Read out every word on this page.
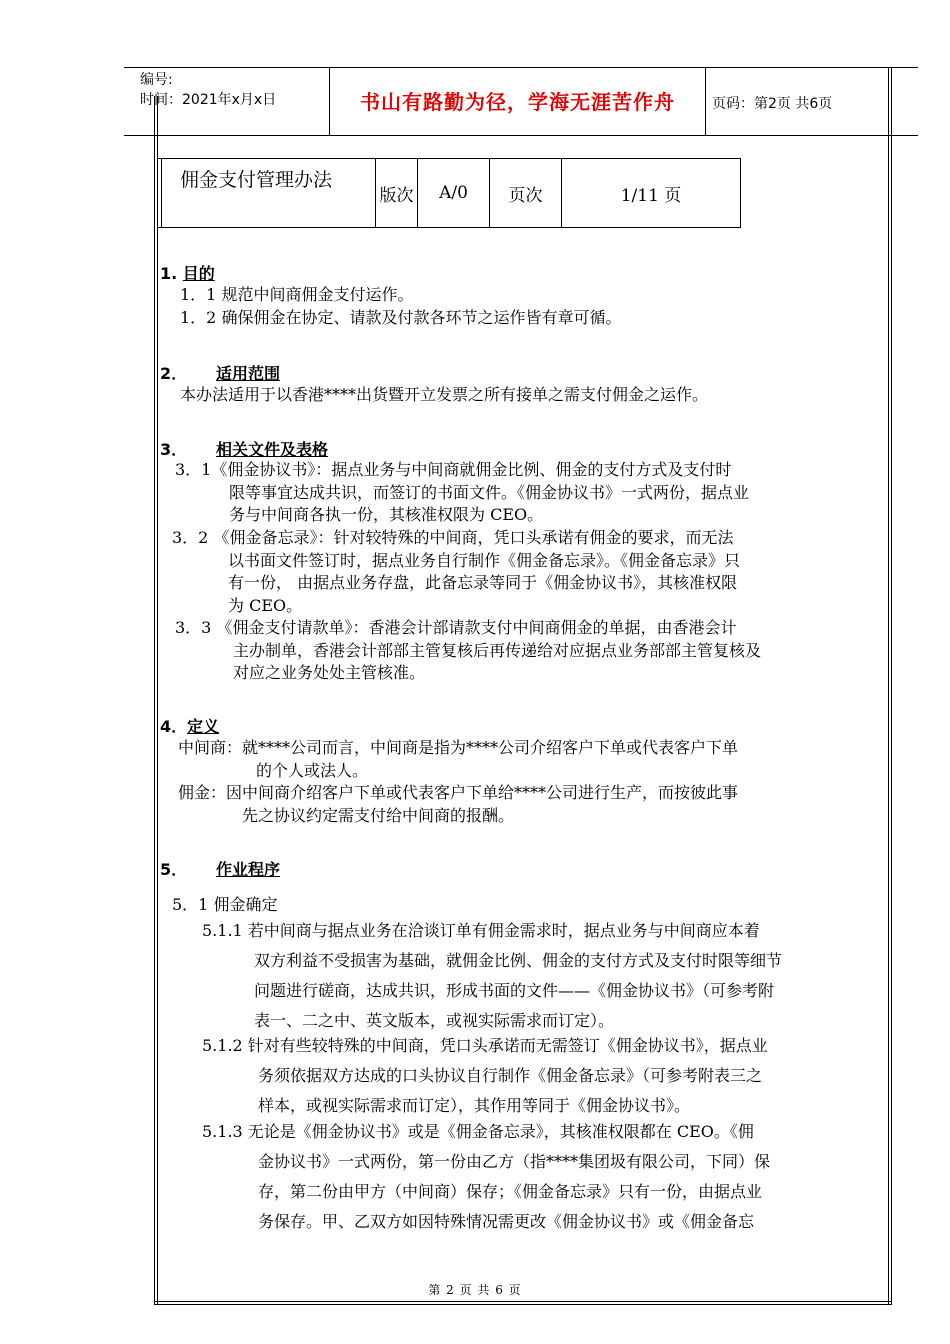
编号:
时间：2021年x月x日	书山有路勤为径，学海无涯苦作舟	页码：第2页 共6页
佣金支付管理办法
版次	A/0	页次	1/11 页
1. 目的
1．1 规范中间商佣金支付运作。
1．2 确保佣金在协定、请款及付款各环节之运作皆有章可循。
2． 适用范围
本办法适用于以香港****出货暨开立发票之所有接单之需支付佣金之运作。
3． 相关文件及表格
3．1《佣金协议书》：据点业务与中间商就佣金比例、佣金的支付方式及支付时
限等事宜达成共识，而签订的书面文件。《佣金协议书》一式两份，据点业
务与中间商各执一份，其核准权限为 CEO。
3．2 《佣金备忘录》：针对较特殊的中间商，凭口头承诺有佣金的要求，而无法
以书面文件签订时，据点业务自行制作《佣金备忘录》。《佣金备忘录》只
有一份， 由据点业务存盘，此备忘录等同于《佣金协议书》，其核准权限
为 CEO。
3．3 《佣金支付请款单》：香港会计部请款支付中间商佣金的单据，由香港会计
主办制单，香港会计部部主管复核后再传递给对应据点业务部部主管复核及
对应之业务处处主管核准。
4．定义
中间商：就****公司而言，中间商是指为****公司介绍客户下单或代表客户下单
的个人或法人。
佣金：因中间商介绍客户下单或代表客户下单给****公司进行生产，而按彼此事
先之协议约定需支付给中间商的报酬。
5． 作业程序
5．1 佣金确定
5.1.1 若中间商与据点业务在洽谈订单有佣金需求时，据点业务与中间商应本着
双方利益不受损害为基础，就佣金比例、佣金的支付方式及支付时限等细节
问题进行磋商，达成共识，形成书面的文件——《佣金协议书》（可参考附
表一、二之中、英文版本，或视实际需求而订定）。
5.1.2 针对有些较特殊的中间商，凭口头承诺而无需签订《佣金协议书》，据点业
务须依据双方达成的口头协议自行制作《佣金备忘录》（可参考附表三之
样本，或视实际需求而订定），其作用等同于《佣金协议书》。
5.1.3 无论是《佣金协议书》或是《佣金备忘录》，其核准权限都在 CEO。《佣
金协议书》一式两份，第一份由乙方（指****集团圾有限公司，下同）保
存，第二份由甲方（中间商）保存；《佣金备忘录》只有一份，由据点业
务保存。甲、乙双方如因特殊情况需更改《佣金协议书》或《佣金备忘
第 2 页 共 6 页
